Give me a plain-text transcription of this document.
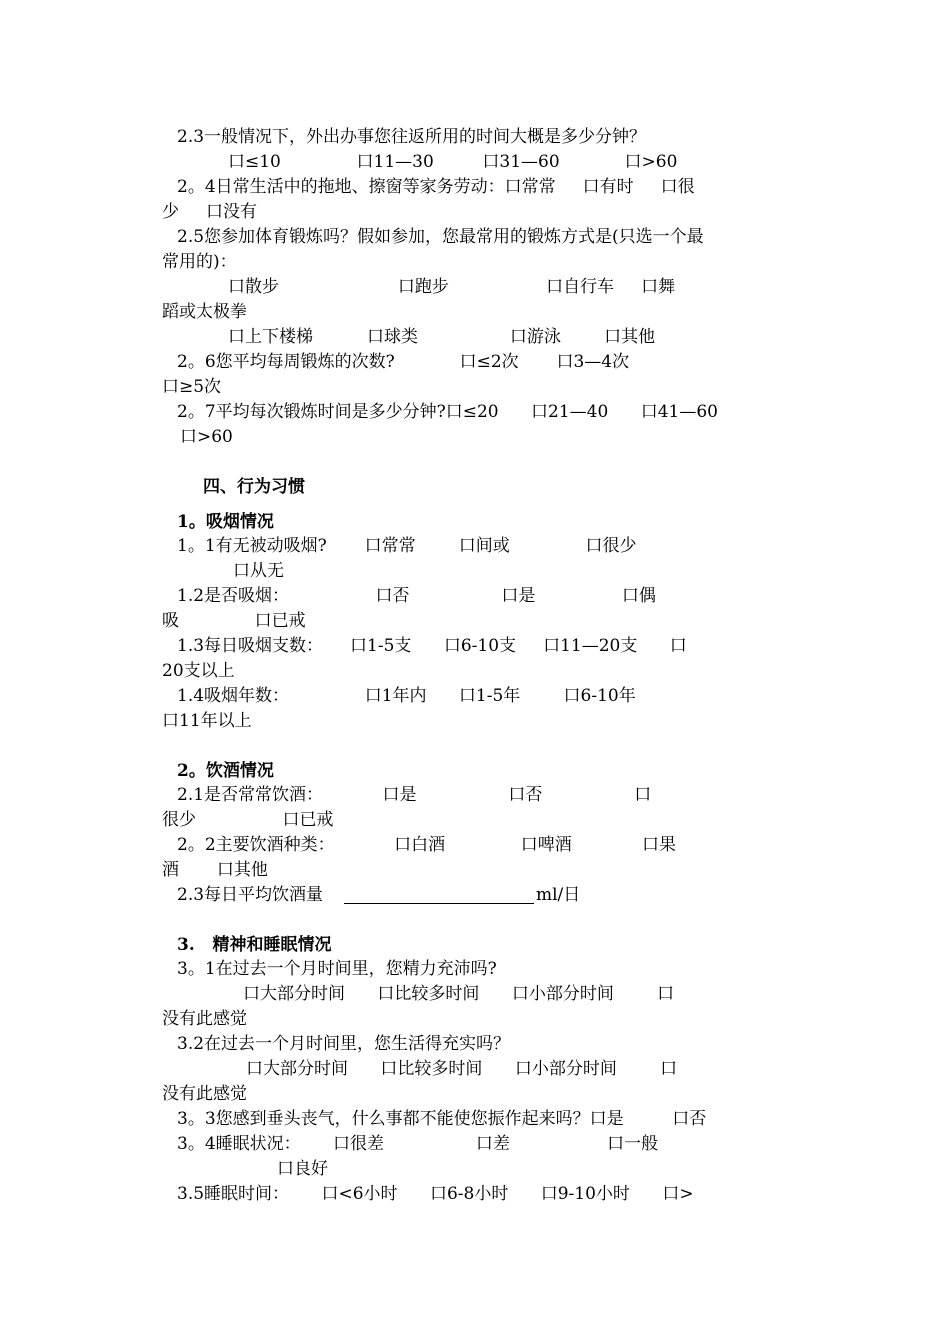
2.3一般情况下，外出办事您往返所用的时间大概是多少分钟？
口≤10              口11—30         口31—60            口>60
2。4日常生活中的拖地、擦窗等家务劳动：口常常     口有时     口很
少     口没有
2.5您参加体育锻炼吗？假如参加，您最常用的锻炼方式是(只选一个最
常用的)：
口散步                      口跑步                  口自行车     口舞
蹈或太极拳
口上下楼梯          口球类                 口游泳        口其他
2。6您平均每周锻炼的次数?            口≤2次       口3—4次
口≥5次
2。7平均每次锻炼时间是多少分钟?口≤20      口21—40      口41—60
口>60
四、行为习惯
1。吸烟情况
1。1有无被动吸烟?       口常常        口间或              口很少
口从无
1.2是否吸烟：                口否                 口是                口偶
吸              口已戒
1.3每日吸烟支数：     口1-5支      口6-10支     口11—20支      口
20支以上
1.4吸烟年数：              口1年内      口1-5年        口6-10年
口11年以上
2。饮酒情况
2.1是否常常饮酒：           口是                 口否                 口
很少                口已戒
2。2主要饮酒种类：           口白酒              口啤酒             口果
酒       口其他
2.3每日平均饮酒量	ml/日
3.   精神和睡眠情况
3。1在过去一个月时间里，您精力充沛吗?
口大部分时间      口比较多时间      口小部分时间        口
没有此感觉
3.2在过去一个月时间里，您生活得充实吗？
口大部分时间      口比较多时间      口小部分时间        口
没有此感觉
3。3您感到垂头丧气，什么事都不能使您振作起来吗？口是         口否
3。4睡眠状况：      口很差                 口差                  口一般
口良好
3.5睡眠时间：      口<6小时      口6-8小时      口9-10小时      口>
